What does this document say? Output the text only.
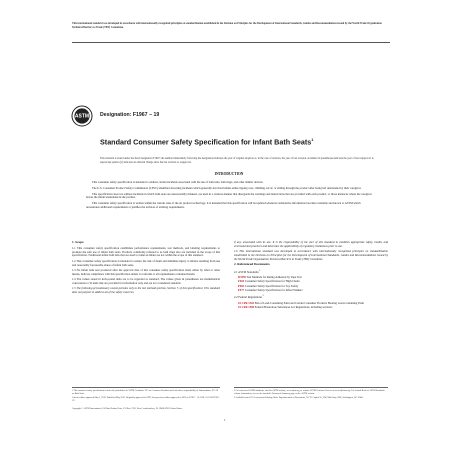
This international standard was developed in accordance with internationally recognized principles on standardization established in the Decision on Principles for the Development of International Standards, Guides and Recommendations issued by the World Trade Organization Technical Barriers to Trade (TBT) Committee.
ASTM Designation: F1967 − 19
Standard Consumer Safety Specification for Infant Bath Seats$^1$
This standard is issued under the fixed designation F1967; the number immediately following the designation indicates the year of original adoption or, in the case of revision, the year of last revision. A number in parentheses indicates the year of last reapproval. A superscript epsilon (ε) indicates an editorial change since the last revision or reapproval.
INTRODUCTION

This consumer safety specification is intended to address certain incidents associated with the use of bath tubs, bath rings, and other similar devices.

The U.S. Consumer Product Safety Commission (CPSC) identified drowning incidents which generally involved infants either tipping over, climbing out of, or sliding through the product after being left unattended by their caregiver.

This specification does not address incidents in which bath seats are unreasonably misused, are used in a careless manner that disregards the warnings and instructions that are provided with each product, or those instances where the caregiver leaves the infant unattended in the product.

This consumer safety specification is written within the current state of the art product technology. It is intended that this specification will be updated whenever substantive information becomes available and known to ASTM which necessitates additional requirements or justifies the revision of existing requirements.

1. Scope

1.1 This consumer safety specification establishes performance requirements, test methods, and labeling requirements to promote the safe use of infant bath seats. Products commonly referred to as bath rings also are included in the scope of this specification. Traditional infant bath tubs that are used to bathe an infant are not within the scope of this standard.

1.2 This consumer safety specification is intended to reduce the risk of death and minimize injury to infants resulting from use and reasonably foreseeable abuse of infant bath seats.

1.3 No infant bath seat produced after the approval date of this consumer safety specification shall, either by label or other means, indicate compliance with this specification unless it conforms to all requirements contained herein.

1.4 The values stated in inch-pound units are to be regarded as standard. The values given in parentheses are mathematical conversions to SI units that are provided for information only and are not considered standard.

1.5 The following precautionary caveat pertains only to the test methods portion, Section 7, of this specification: This standard does not purport to address all of the safety concerns,

if any, associated with its use. It is the responsibility of the user of this standard to establish appropriate safety, health, and environmental practices and determine the applicability of regulatory limitations prior to use.

1.6 This international standard was developed in accordance with internationally recognized principles on standardization established in the Decision on Principles for the Development of International Standards, Guides and Recommendations issued by the World Trade Organization Technical Barriers to Trade (TBT) Committee.

2. Referenced Documents

2.1 ASTM Standards:$^2$

D3359 Test Methods for Rating Adhesion by Tape Test
F404 Consumer Safety Specification for High Chairs
F963 Consumer Safety Specification for Toy Safety
F977 Consumer Safety Specification for Infant Walkers

2.2 Federal Regulations:$^3$

16 CFR 1303 Ban of Lead-Containing Paint and Certain Consumer Products Bearing Lead-Containing Paint
16 CFR 1500 Federal Hazardous Substances Act Regulations, including sections:

1 This consumer safety specification is under the jurisdiction of ASTM Committee F15 on Consumer Products and is the direct responsibility of Subcommittee F15.16 on Bath Seats.

Current edition approved May 1, 2019. Published May 2019. Originally approved in 1999. Last previous edition approved in 2016 as F1967 − 16. DOI: 10.1520/F1967-19.

2 For referenced ASTM standards, visit the ASTM website, www.astm.org, or contact ASTM Customer Service at service@astm.org. For Annual Book of ASTM Standards volume information, refer to the standard's Document Summary page on the ASTM website.

3 Available from U.S. Government Printing Office Superintendent of Documents, 732 N. Capitol St., NW, Mail Stop: SDE, Washington, DC 20401.

Copyright © ASTM International, 100 Barr Harbor Drive, PO Box C700, West Conshohocken, PA 19428-2959. United States
1
